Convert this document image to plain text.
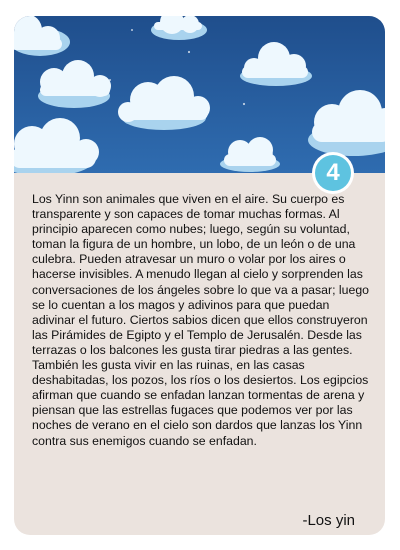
4

Los Yinn son animales que viven en el aire. Su cuerpo es transparente y son capaces de tomar muchas formas. Al principio aparecen como nubes; luego, según su voluntad, toman la figura de un hombre, un lobo, de un león o de una culebra. Pueden atravesar un muro o volar por los aires o hacerse invisibles. A menudo llegan al cielo y sorprenden las conversaciones de los ángeles sobre lo que va a pasar; luego se lo cuentan a los magos y adivinos para que puedan adivinar el futuro. Ciertos sabios dicen que ellos construyeron las Pirámides de Egipto y el Templo de Jerusalén. Desde las terrazas o los balcones les gusta tirar piedras a las gentes. También les gusta vivir en las ruinas, en las casas deshabitadas, los pozos, los ríos o los desiertos. Los egipcios afirman que cuando se enfadan lanzan tormentas de arena y piensan que las estrellas fugaces que podemos ver por las noches de verano en el cielo son dardos que lanzas los Yinn contra sus enemigos cuando se enfadan.

-Los yin
